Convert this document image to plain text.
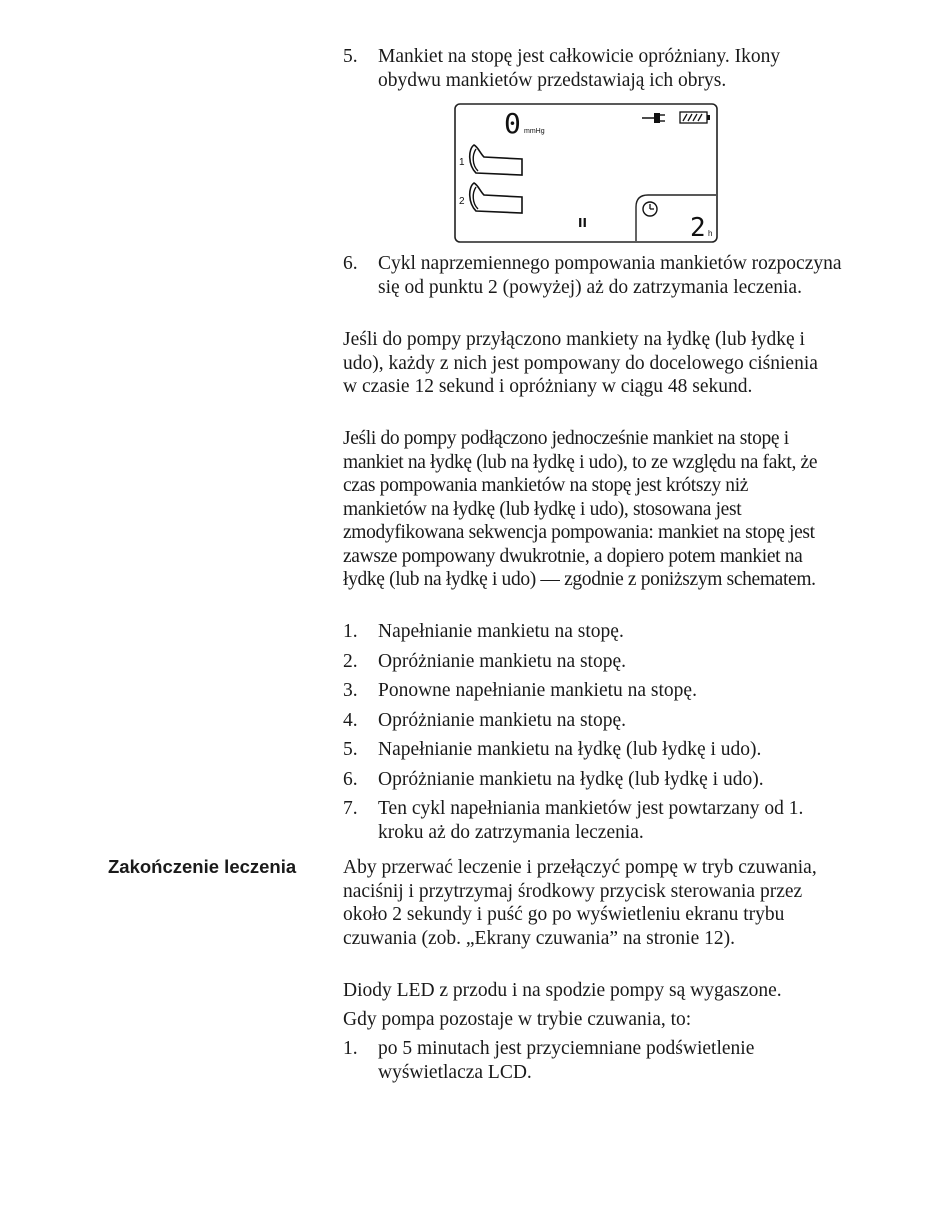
5.	Mankiet na stopę jest całkowicie opróżniany. Ikony obydwu mankietów przedstawiają ich obrys.
0 mmHg
1
2
II	2 h
6.	Cykl naprzemiennego pompowania mankietów rozpoczyna się od punktu 2 (powyżej) aż do zatrzymania leczenia.
Jeśli do pompy przyłączono mankiety na łydkę (lub łydkę i udo), każdy z nich jest pompowany do docelowego ciśnienia w czasie 12 sekund i opróżniany w ciągu 48 sekund.
Jeśli do pompy podłączono jednocześnie mankiet na stopę i mankiet na łydkę (lub na łydkę i udo), to ze względu na fakt, że czas pompowania mankietów na stopę jest krótszy niż mankietów na łydkę (lub łydkę i udo), stosowana jest zmodyfikowana sekwencja pompowania: mankiet na stopę jest zawsze pompowany dwukrotnie, a dopiero potem mankiet na łydkę (lub na łydkę i udo) — zgodnie z poniższym schematem.
1.	Napełnianie mankietu na stopę.
2.	Opróżnianie mankietu na stopę.
3.	Ponowne napełnianie mankietu na stopę.
4.	Opróżnianie mankietu na stopę.
5.	Napełnianie mankietu na łydkę (lub łydkę i udo).
6.	Opróżnianie mankietu na łydkę (lub łydkę i udo).
7.	Ten cykl napełniania mankietów jest powtarzany od 1. kroku aż do zatrzymania leczenia.
Zakończenie leczenia Aby przerwać leczenie i przełączyć pompę w tryb czuwania, naciśnij i przytrzymaj środkowy przycisk sterowania przez około 2 sekundy i puść go po wyświetleniu ekranu trybu czuwania (zob. „Ekrany czuwania” na stronie 12).
Diody LED z przodu i na spodzie pompy są wygaszone.
Gdy pompa pozostaje w trybie czuwania, to:
1.	po 5 minutach jest przyciemniane podświetlenie wyświetlacza LCD.
